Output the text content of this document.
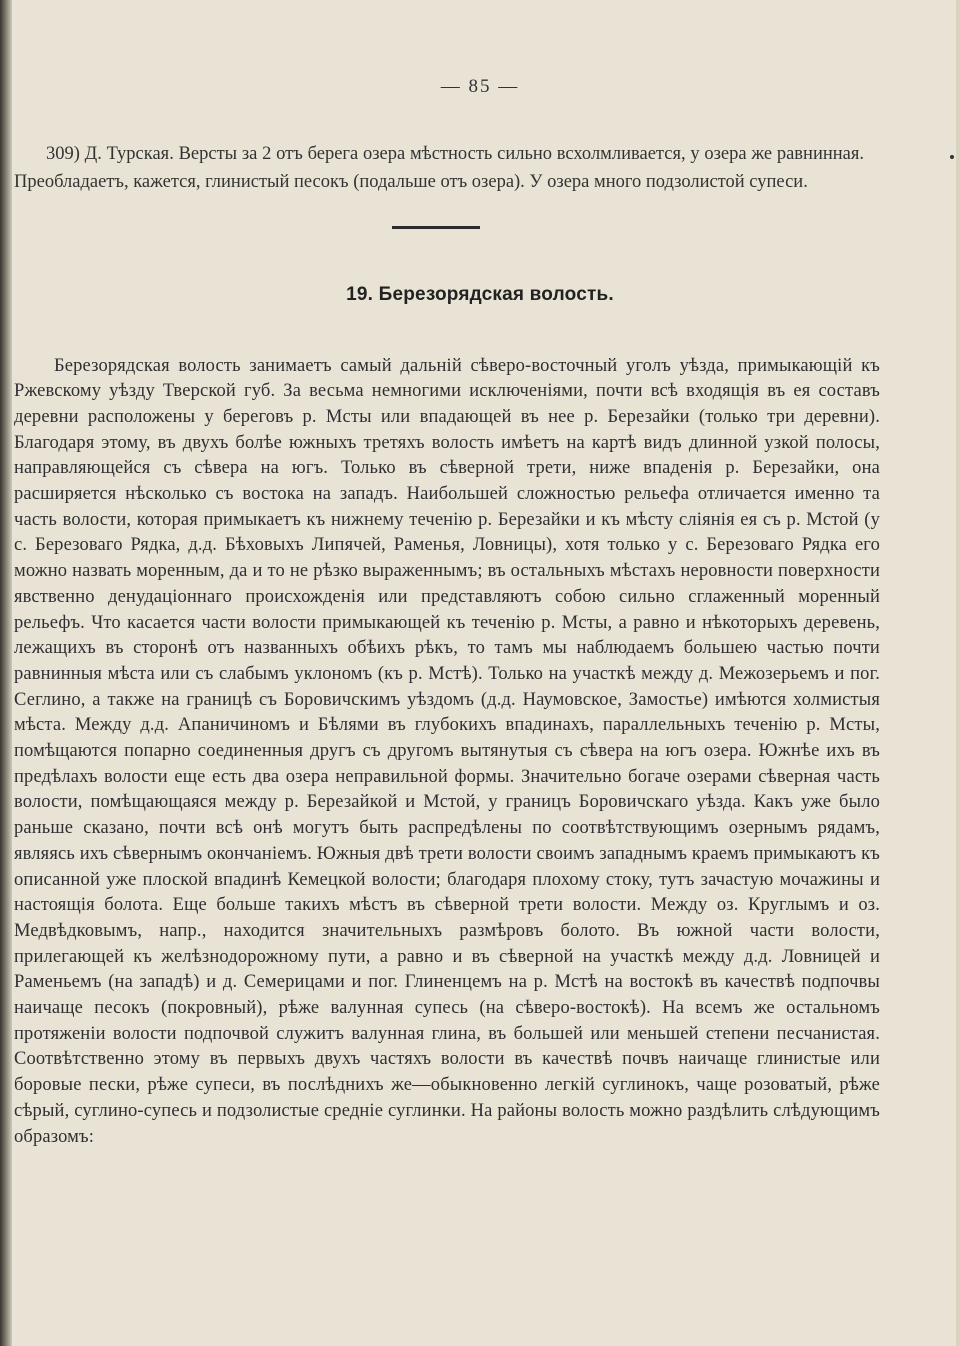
— 85 —

309) Д. Турская. Версты за 2 отъ берега озера мѣстность сильно всхолмливается, у озера же равнинная. Преобладаетъ, кажется, глинистый песокъ (подальше отъ озера). У озера много подзолистой супеси.

19. Березорядская волость.

Березорядская волость занимаетъ самый дальній сѣверо-восточный уголъ уѣзда, примыкающій къ Ржевскому уѣзду Тверской губ. За весьма немногими исключеніями, почти всѣ входящія въ ея составъ деревни расположены у береговъ р. Мсты или впадающей въ нее р. Березайки (только три деревни). Благодаря этому, въ двухъ болѣе южныхъ третяхъ волость имѣетъ на картѣ видъ длинной узкой полосы, направляющейся съ сѣвера на югъ. Только въ сѣверной трети, ниже впаденія р. Березайки, она расширяется нѣсколько съ востока на западъ. Наибольшей сложностью рельефа отличается именно та часть волости, которая примыкаетъ къ нижнему теченію р. Березайки и къ мѣсту сліянія ея съ р. Мстой (у с. Березоваго Рядка, д.д. Бѣховыхъ Липячей, Раменья, Ловницы), хотя только у с. Березоваго Рядка его можно назвать моренным, да и то не рѣзко выраженнымъ; въ остальныхъ мѣстахъ неровности поверхности явственно денудаціоннаго происхожденія или представляютъ собою сильно сглаженный моренный рельефъ. Что касается части волости примыкающей къ теченію р. Мсты, а равно и нѣкоторыхъ деревень, лежащихъ въ сторонѣ отъ названныхъ обѣихъ рѣкъ, то тамъ мы наблюдаемъ большею частью почти равнинныя мѣста или съ слабымъ уклономъ (къ р. Мстѣ). Только на участкѣ между д. Межозерьемъ и пог. Сеглино, а также на границѣ съ Боровичскимъ уѣздомъ (д.д. Наумовское, Замостье) имѣются холмистыя мѣста. Между д.д. Апаничиномъ и Бѣлями въ глубокихъ впадинахъ, параллельныхъ теченію р. Мсты, помѣщаются попарно соединенныя другъ съ другомъ вытянутыя съ сѣвера на югъ озера. Южнѣе ихъ въ предѣлахъ волости еще есть два озера неправильной формы. Значительно богаче озерами сѣверная часть волости, помѣщающаяся между р. Березайкой и Мстой, у границъ Боровичскаго уѣзда. Какъ уже было раньше сказано, почти всѣ онѣ могутъ быть распредѣлены по соотвѣтствующимъ озернымъ рядамъ, являясь ихъ сѣвернымъ окончаніемъ. Южныя двѣ трети волости своимъ западнымъ краемъ примыкаютъ къ описанной уже плоской впадинѣ Кемецкой волости; благодаря плохому стоку, тутъ зачастую мочажины и настоящія болота. Еще больше такихъ мѣстъ въ сѣверной трети волости. Между оз. Круглымъ и оз. Медвѣдковымъ, напр., находится значительныхъ размѣровъ болото. Въ южной части волости, прилегающей къ желѣзнодорожному пути, а равно и въ сѣверной на участкѣ между д.д. Ловницей и Раменьемъ (на западѣ) и д. Семерицами и пог. Глиненцемъ на р. Мстѣ на востокѣ въ качествѣ подпочвы наичаще песокъ (покровный), рѣже валунная супесь (на сѣверо-востокѣ). На всемъ же остальномъ протяженіи волости подпочвой служитъ валунная глина, въ большей или меньшей степени песчанистая. Соотвѣтственно этому въ первыхъ двухъ частяхъ волости въ качествѣ почвъ наичаще глинистые или боровые пески, рѣже супеси, въ послѣднихъ же—обыкновенно легкій суглинокъ, чаще розоватый, рѣже сѣрый, суглино-супесь и подзолистые средніе суглинки. На районы волость можно раздѣлить слѣдующимъ образомъ:
